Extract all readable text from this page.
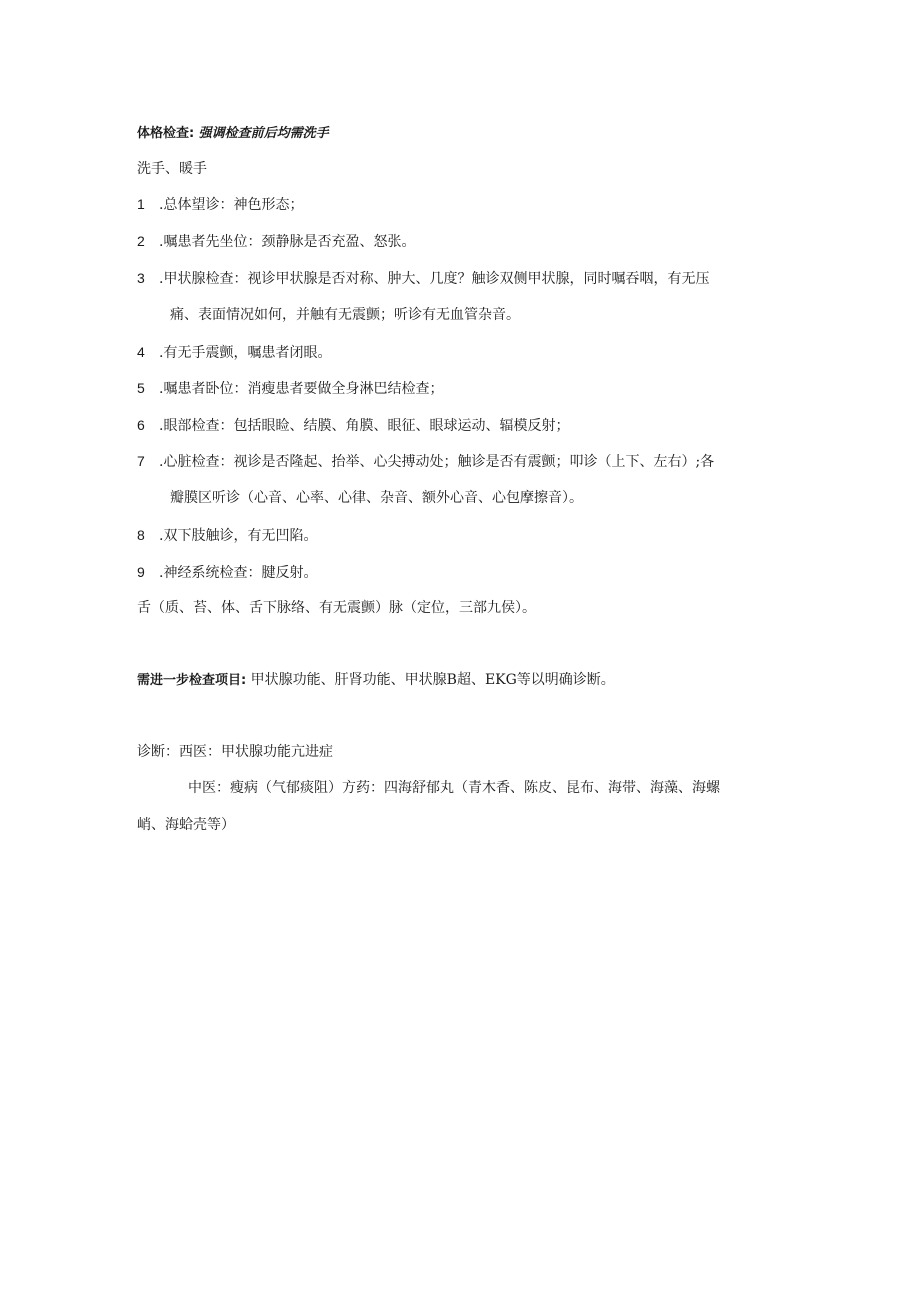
体格检查: 强调检查前后均需洗手
洗手、暖手
1 .总体望诊：神色形态；
2 .嘱患者先坐位：颈静脉是否充盈、怒张。
3 .甲状腺检查：视诊甲状腺是否对称、肿大、几度？触诊双侧甲状腺，同时嘱吞咽，有无压
痛、表面情况如何，并触有无震颤；听诊有无血管杂音。
4 .有无手震颤，嘱患者闭眼。
5 .嘱患者卧位：消瘦患者要做全身淋巴结检查；
6 .眼部检查：包括眼睑、结膜、角膜、眼征、眼球运动、辐模反射；
7 .心脏检查：视诊是否隆起、抬举、心尖搏动处；触诊是否有震颤；叩诊（上下、左右）;各
瓣膜区听诊（心音、心率、心律、杂音、额外心音、心包摩擦音）。
8 .双下肢触诊，有无凹陷。
9 .神经系统检查：腱反射。
舌（质、苔、体、舌下脉络、有无震颤）脉（定位，三部九侯）。
需进一步检查项目: 甲状腺功能、肝肾功能、甲状腺B超、EKG等以明确诊断。
诊断：西医：甲状腺功能亢进症
中医：瘦病（气郁痰阻）方药：四海舒郁丸（青木香、陈皮、昆布、海带、海藻、海螺
峭、海蛤壳等）
